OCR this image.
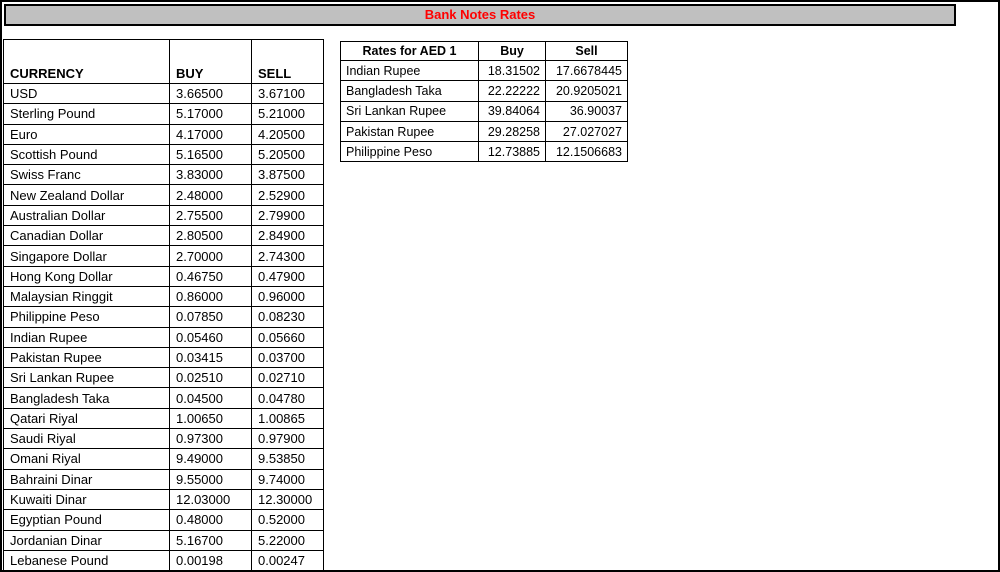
Bank Notes Rates
CURRENCY	BUY	SELL
USD	3.66500	3.67100
Sterling Pound	5.17000	5.21000
Euro	4.17000	4.20500
Scottish Pound	5.16500	5.20500
Swiss Franc	3.83000	3.87500
New Zealand Dollar	2.48000	2.52900
Australian Dollar	2.75500	2.79900
Canadian Dollar	2.80500	2.84900
Singapore Dollar	2.70000	2.74300
Hong Kong Dollar	0.46750	0.47900
Malaysian Ringgit	0.86000	0.96000
Philippine Peso	0.07850	0.08230
Indian Rupee	0.05460	0.05660
Pakistan Rupee	0.03415	0.03700
Sri Lankan Rupee	0.02510	0.02710
Bangladesh Taka	0.04500	0.04780
Qatari Riyal	1.00650	1.00865
Saudi Riyal	0.97300	0.97900
Omani Riyal	9.49000	9.53850
Bahraini Dinar	9.55000	9.74000
Kuwaiti Dinar	12.03000	12.30000
Egyptian Pound	0.48000	0.52000
Jordanian Dinar	5.16700	5.22000
Lebanese Pound	0.00198	0.00247
Rates for AED 1	Buy	Sell
Indian Rupee	18.31502	17.6678445
Bangladesh Taka	22.22222	20.9205021
Sri Lankan Rupee	39.84064	36.90037
Pakistan Rupee	29.28258	27.027027
Philippine Peso	12.73885	12.1506683
